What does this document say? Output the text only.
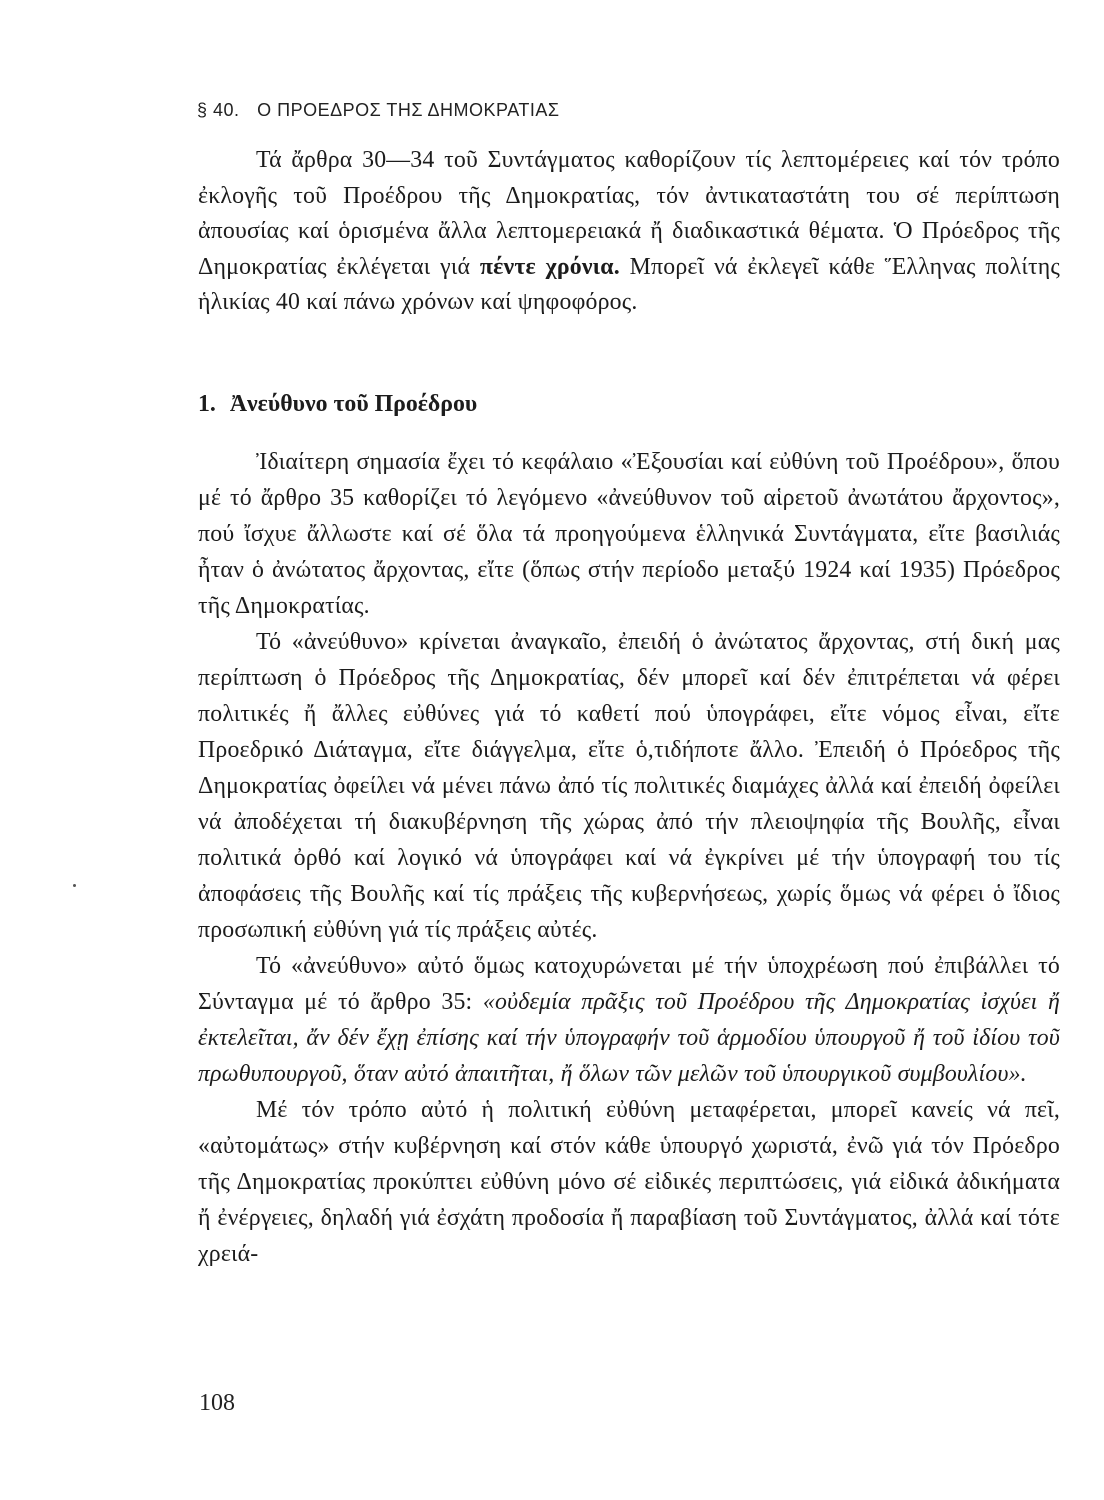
§ 40. Ο ΠΡΟΕΔΡΟΣ ΤΗΣ ΔΗΜΟΚΡΑΤΙΑΣ

Τά ἄρθρα 30—34 τοῦ Συντάγματος καθορίζουν τίς λεπτομέρειες καί τόν τρόπο ἐκλογῆς τοῦ Προέδρου τῆς Δημοκρατίας, τόν ἀντικαταστάτη του σέ περίπτωση ἀπουσίας καί ὁρισμένα ἄλλα λεπτομερειακά ἤ διαδικαστικά θέματα. Ὁ Πρόεδρος τῆς Δημοκρατίας ἐκλέγεται γιά πέντε χρόνια. Μπορεῖ νά ἐκλεγεῖ κάθε Ἕλληνας πολίτης ἡλικίας 40 καί πάνω χρόνων καί ψηφοφόρος.

1. Ἀνεύθυνο τοῦ Προέδρου

Ἰδιαίτερη σημασία ἔχει τό κεφάλαιο «Ἐξουσίαι καί εὐθύνη τοῦ Προέδρου», ὅπου μέ τό ἄρθρο 35 καθορίζει τό λεγόμενο «ἀνεύθυνον τοῦ αἱρετοῦ ἀνωτάτου ἄρχοντος», πού ἴσχυε ἄλλωστε καί σέ ὅλα τά προηγούμενα ἑλληνικά Συντάγματα, εἴτε βασιλιάς ἦταν ὁ ἀνώτατος ἄρχοντας, εἴτε (ὅπως στήν περίοδο μεταξύ 1924 καί 1935) Πρόεδρος τῆς Δημοκρατίας.

Τό «ἀνεύθυνο» κρίνεται ἀναγκαῖο, ἐπειδή ὁ ἀνώτατος ἄρχοντας, στή δική μας περίπτωση ὁ Πρόεδρος τῆς Δημοκρατίας, δέν μπορεῖ καί δέν ἐπιτρέπεται νά φέρει πολιτικές ἤ ἄλλες εὐθύνες γιά τό καθετί πού ὑπογράφει, εἴτε νόμος εἶναι, εἴτε Προεδρικό Διάταγμα, εἴτε διάγγελμα, εἴτε ὁ,τιδήποτε ἄλλο. Ἐπειδή ὁ Πρόεδρος τῆς Δημοκρατίας ὀφείλει νά μένει πάνω ἀπό τίς πολιτικές διαμάχες ἀλλά καί ἐπειδή ὀφείλει νά ἀποδέχεται τή διακυβέρνηση τῆς χώρας ἀπό τήν πλειοψηφία τῆς Βουλῆς, εἶναι πολιτικά ὀρθό καί λογικό νά ὑπογράφει καί νά ἐγκρίνει μέ τήν ὑπογραφή του τίς ἀποφάσεις τῆς Βουλῆς καί τίς πράξεις τῆς κυβερνήσεως, χωρίς ὅμως νά φέρει ὁ ἴδιος προσωπική εὐθύνη γιά τίς πράξεις αὐτές.

Τό «ἀνεύθυνο» αὐτό ὅμως κατοχυρώνεται μέ τήν ὑποχρέωση πού ἐπιβάλλει τό Σύνταγμα μέ τό ἄρθρο 35: «οὐδεμία πρᾶξις τοῦ Προέδρου τῆς Δημοκρατίας ἰσχύει ἤ ἐκτελεῖται, ἄν δέν ἔχῃ ἐπίσης καί τήν ὑπογραφήν τοῦ ἁρμοδίου ὑπουργοῦ ἤ τοῦ ἰδίου τοῦ πρωθυπουργοῦ, ὅταν αὐτό ἀπαιτῆται, ἤ ὅλων τῶν μελῶν τοῦ ὑπουργικοῦ συμβουλίου».

Μέ τόν τρόπο αὐτό ἡ πολιτική εὐθύνη μεταφέρεται, μπορεῖ κανείς νά πεῖ, «αὐτομάτως» στήν κυβέρνηση καί στόν κάθε ὑπουργό χωριστά, ἐνῶ γιά τόν Πρόεδρο τῆς Δημοκρατίας προκύπτει εὐθύνη μόνο σέ εἰδικές περιπτώσεις, γιά εἰδικά ἀδικήματα ἤ ἐνέργειες, δηλαδή γιά ἐσχάτη προδοσία ἤ παραβίαση τοῦ Συντάγματος, ἀλλά καί τότε χρειά-

108
